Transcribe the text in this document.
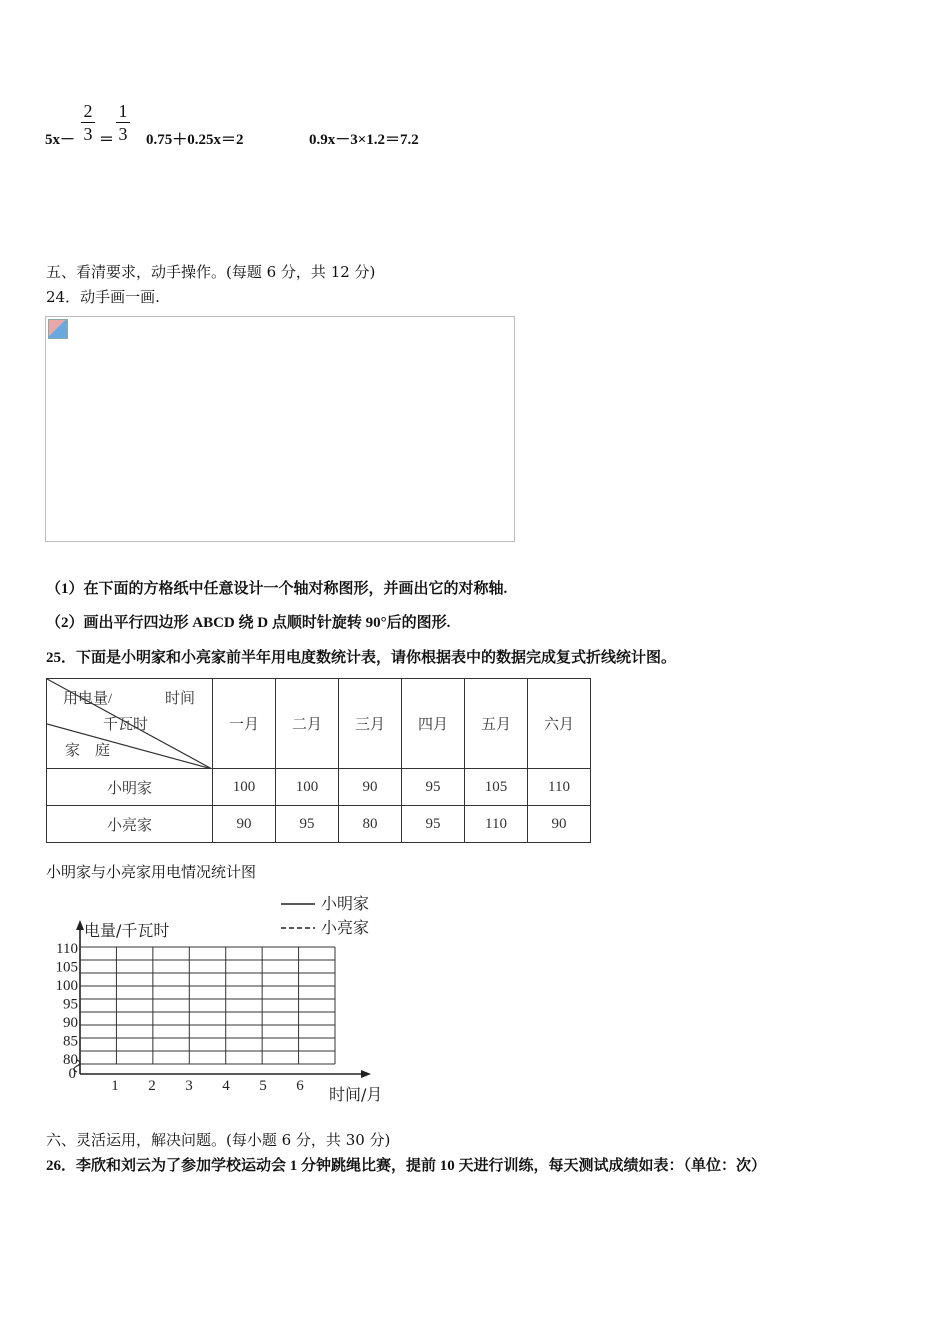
5x－
2
3 ＝
1
3 0.75＋0.25x＝2	0.9x－3×1.2＝7.2
五、看清要求，动手操作。(每题 6 分，共 12 分)
24．动手画一画.
（1）在下面的方格纸中任意设计一个轴对称图形，并画出它的对称轴.
（2）画出平行四边形 ABCD 绕 D 点顺时针旋转 90°后的图形.
25．下面是小明家和小亮家前半年用电度数统计表，请你根据表中的数据完成复式折线统计图。
用电量/ 时间
千瓦时
家　庭	一月	二月	三月	四月	五月	六月
小明家	100	100	90	95	105	110
小亮家	90	95	80	95	110	90
小明家与小亮家用电情况统计图
110
105
100
95
90
85
80
0
1 2 3 4 5 6
电量/千瓦时
时间/月
小明家
小亮家
六、灵活运用，解决问题。(每小题 6 分，共 30 分)
26．李欣和刘云为了参加学校运动会 1 分钟跳绳比赛，提前 10 天进行训练，每天测试成绩如表：（单位：次）
